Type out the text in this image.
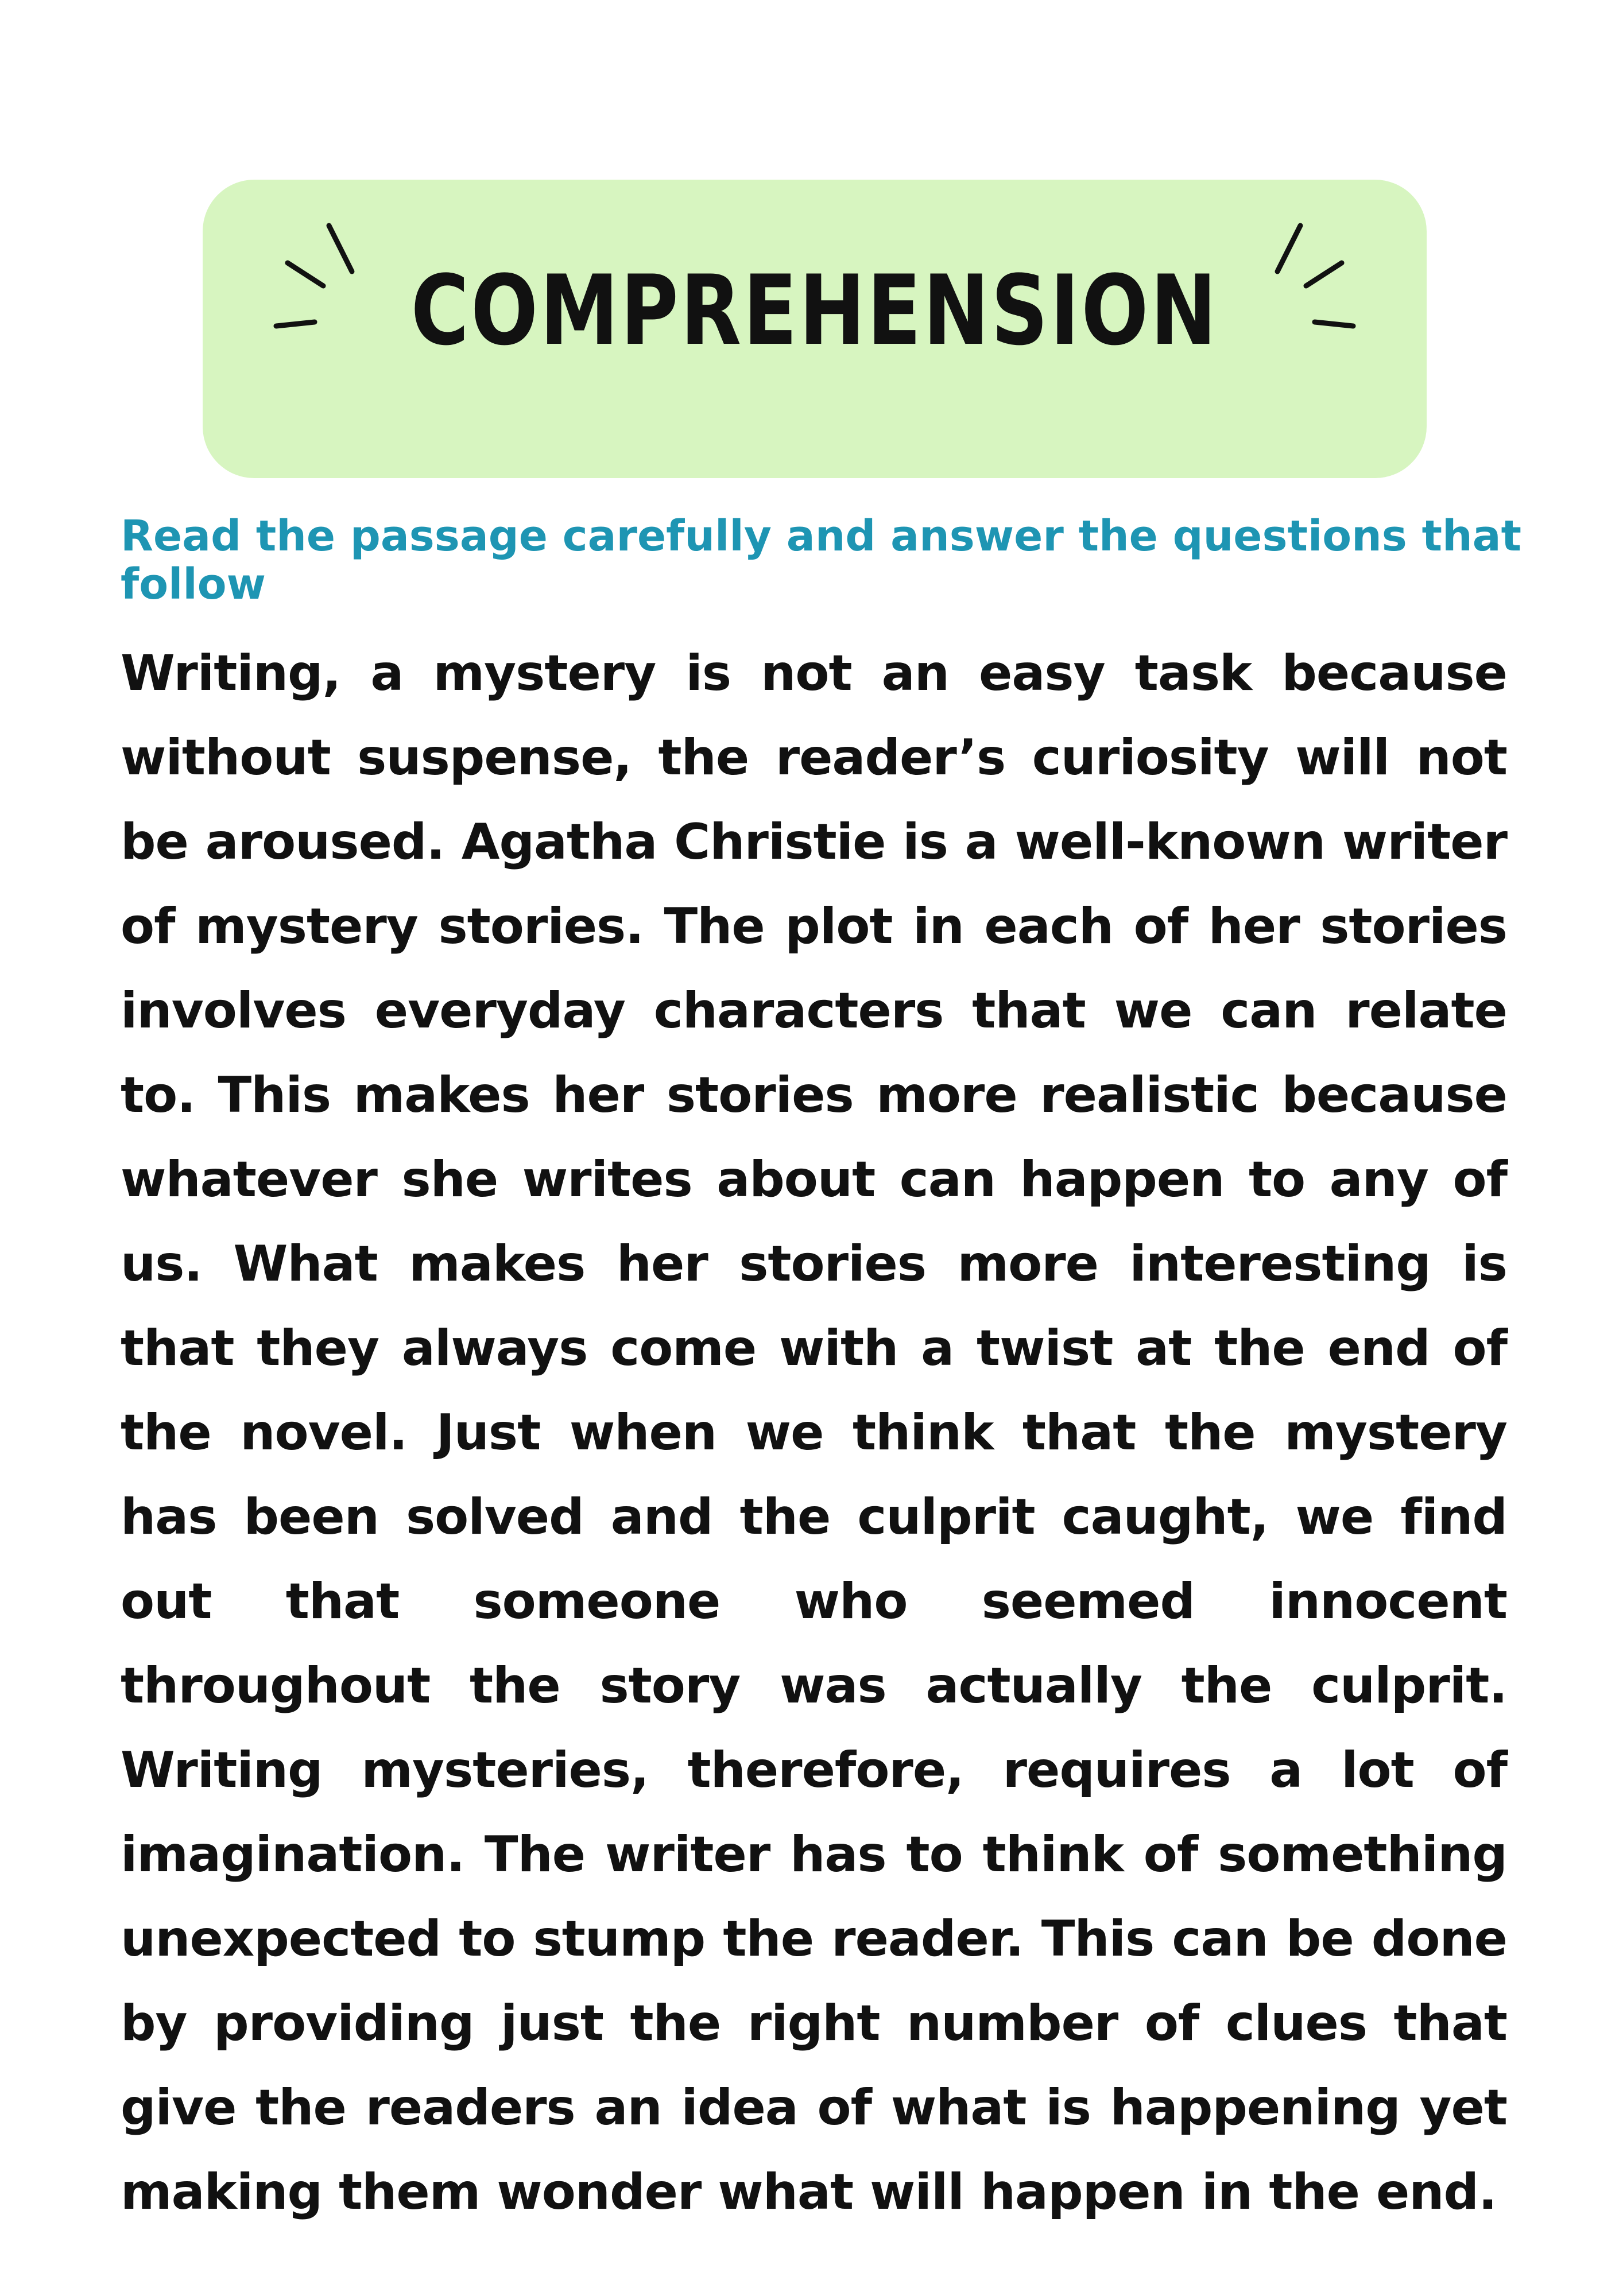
COMPREHENSION

Read the passage carefully and answer the questions that follow

Writing, a mystery is not an easy task because without suspense, the reader’s curiosity will not be aroused. Agatha Christie is a well-known writer of mystery stories. The plot in each of her stories involves everyday characters that we can relate to. This makes her stories more realistic because whatever she writes about can happen to any of us. What makes her stories more interesting is that they always come with a twist at the end of the novel. Just when we think that the mystery has been solved and the culprit caught, we find out that someone who seemed innocent throughout the story was actually the culprit. Writing mysteries, therefore, requires a lot of imagination. The writer has to think of something unexpected to stump the reader. This can be done by providing just the right number of clues that give the readers an idea of what is happening yet making them wonder what will happen in the end.
